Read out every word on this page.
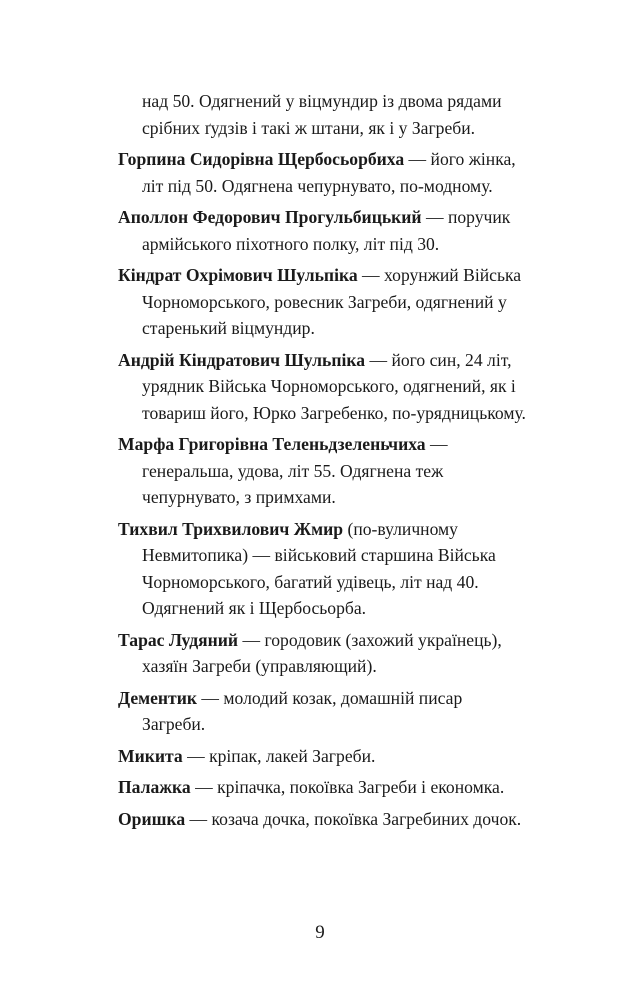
над 50. Одягнений у віцмундир із двома рядами срібних ґудзів і такі ж штани, як і у Загреби.

Горпина Сидорівна Щербосьорбиха — його жінка, літ під 50. Одягнена чепурнувато, по-модному.

Аполлон Федорович Прогульбицький — поручик армійського піхотного полку, літ під 30.

Кіндрат Охрімович Шульпіка — хорунжий Війська Чорноморського, ровесник Загреби, одягнений у старенький віцмундир.

Андрій Кіндратович Шульпіка — його син, 24 літ, урядник Війська Чорноморського, одягнений, як і товариш його, Юрко Загребенко, по-урядницькому.

Марфа Григорівна Теленьдзеленьчиха — генеральша, удова, літ 55. Одягнена теж чепурнувато, з примхами.

Тихвил Трихвилович Жмир (по-вуличному Невмитопика) — військовий старшина Війська Чорноморського, багатий удівець, літ над 40. Одягнений як і Щербосьорба.

Тарас Лудяний — городовик (захожий українець), хазяїн Загреби (управляющий).

Дементик — молодий козак, домашній писар Загреби.

Микита — кріпак, лакей Загреби.

Палажка — кріпачка, покоївка Загреби і економка.

Оришка — козача дочка, покоївка Загребиних дочок.

9
